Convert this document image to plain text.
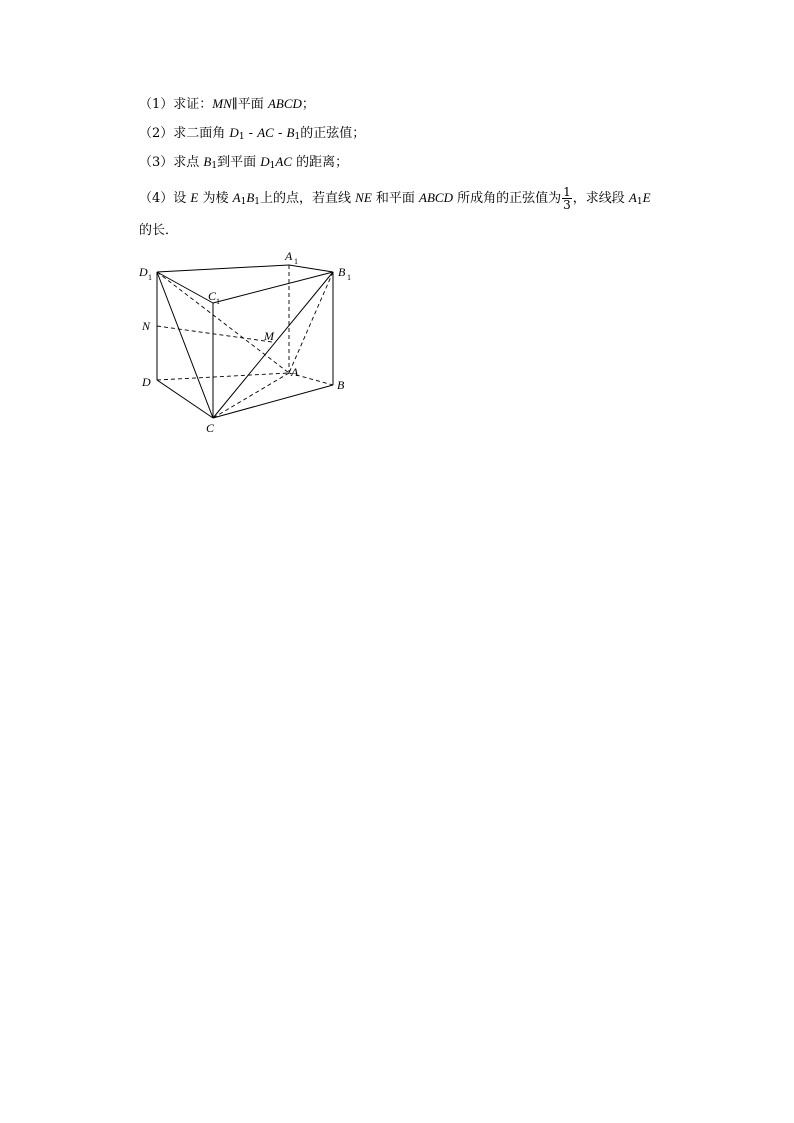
（1）求证：MN∥平面 ABCD；
（2）求二面角 $D_1$ - AC - $B_1$的正弦值；
（3）求点 $B_1$到平面 $D_1AC$ 的距离；
（4）设 E 为棱 $A_1B_1$上的点，若直线 NE 和平面 ABCD 所成角的正弦值为 $\frac{1}{3}$ ，求线段 $A_1E$
的长．
D 1
A 1
B 1
C 1
N
M
D
A
B
C
